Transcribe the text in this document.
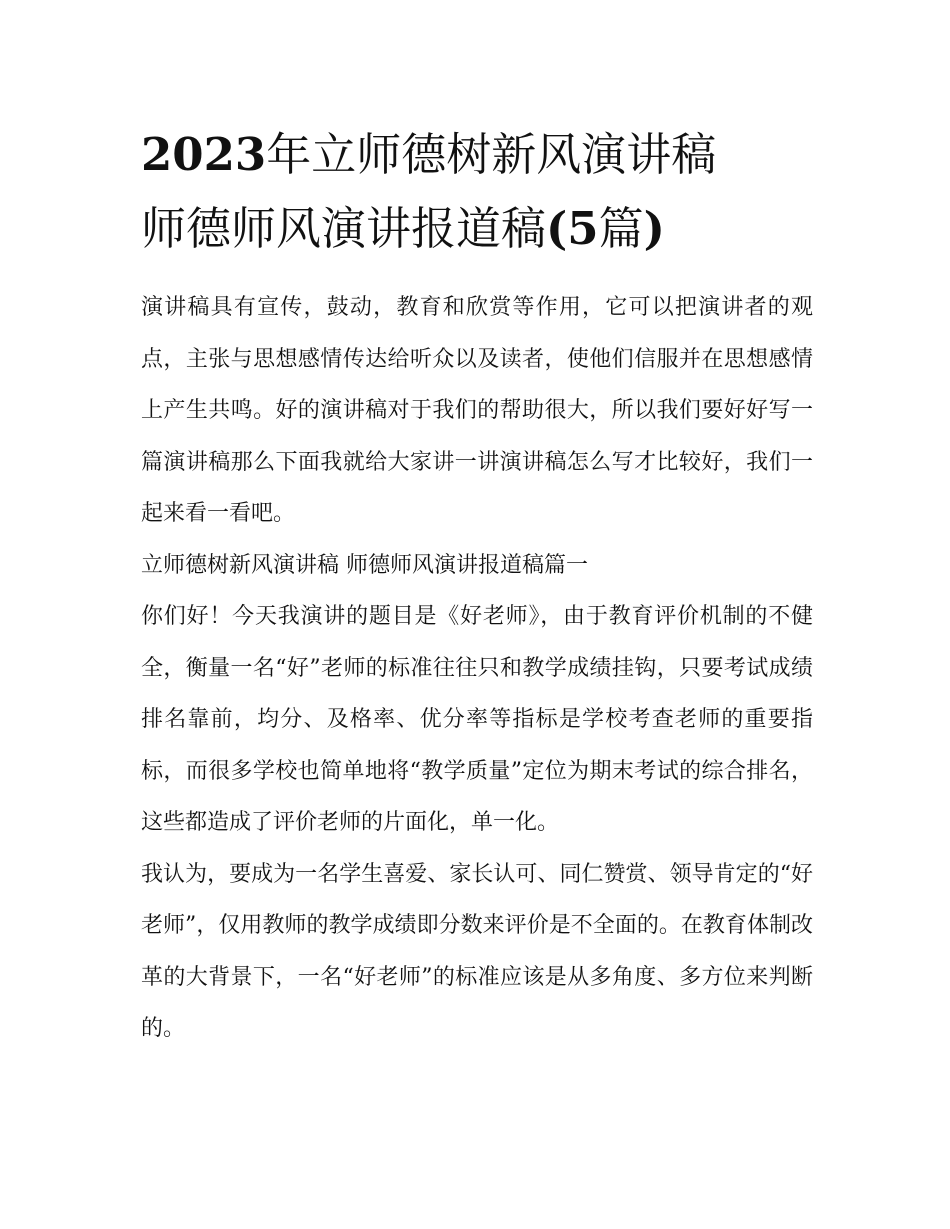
2023年立师德树新风演讲稿
师德师风演讲报道稿(5篇)

演讲稿具有宣传，鼓动，教育和欣赏等作用，它可以把演讲者的观点，主张与思想感情传达给听众以及读者，使他们信服并在思想感情上产生共鸣。好的演讲稿对于我们的帮助很大，所以我们要好好写一篇演讲稿那么下面我就给大家讲一讲演讲稿怎么写才比较好，我们一起来看一看吧。

立师德树新风演讲稿 师德师风演讲报道稿篇一

你们好！今天我演讲的题目是《好老师》，由于教育评价机制的不健全，衡量一名“好”老师的标准往往只和教学成绩挂钩，只要考试成绩排名靠前，均分、及格率、优分率等指标是学校考查老师的重要指标，而很多学校也简单地将“教学质量”定位为期末考试的综合排名，这些都造成了评价老师的片面化，单一化。

我认为，要成为一名学生喜爱、家长认可、同仁赞赏、领导肯定的“好老师”，仅用教师的教学成绩即分数来评价是不全面的。在教育体制改革的大背景下，一名“好老师”的标准应该是从多角度、多方位来判断的。
